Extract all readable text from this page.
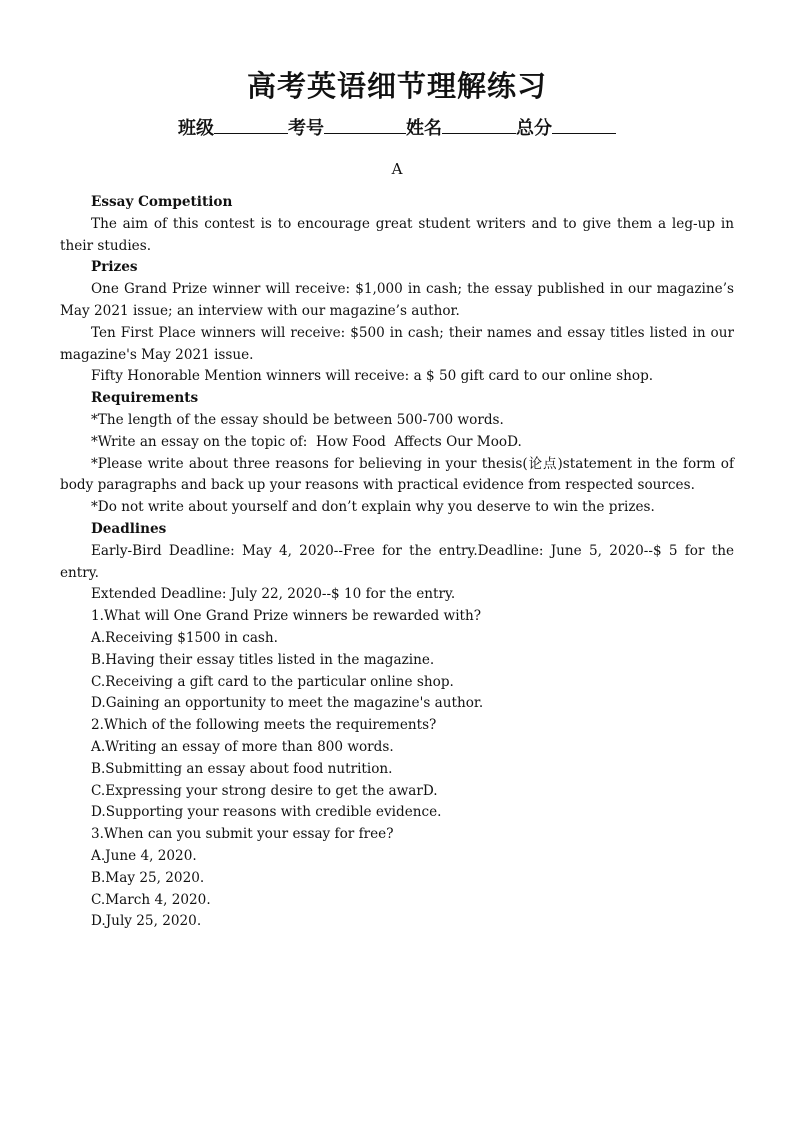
高考英语细节理解练习
班级	考号	姓名	总分
A

Essay Competition

The aim of this contest is to encourage great student writers and to give them a leg-up in their studies.

Prizes

One Grand Prize winner will receive: $1,000 in cash; the essay published in our magazine’s May 2021 issue; an interview with our magazine’s author.

Ten First Place winners will receive: $500 in cash; their names and essay titles listed in our magazine's May 2021 issue.

Fifty Honorable Mention winners will receive: a $ 50 gift card to our online shop.

Requirements

*The length of the essay should be between 500-700 words.

*Write an essay on the topic of:  How Food  Affects Our MooD.

*Please write about three reasons for believing in your thesis(论点)statement in the form of body paragraphs and back up your reasons with practical evidence from respected sources.

*Do not write about yourself and don’t explain why you deserve to win the prizes.

Deadlines

Early-Bird Deadline: May 4, 2020--Free for the entry.Deadline: June 5, 2020--$ 5 for the entry.

Extended Deadline: July 22, 2020--$ 10 for the entry.

1.What will One Grand Prize winners be rewarded with?

A.Receiving $1500 in cash.

B.Having their essay titles listed in the magazine.

C.Receiving a gift card to the particular online shop.

D.Gaining an opportunity to meet the magazine's author.

2.Which of the following meets the requirements?

A.Writing an essay of more than 800 words.

B.Submitting an essay about food nutrition.

C.Expressing your strong desire to get the awarD.

D.Supporting your reasons with credible evidence.

3.When can you submit your essay for free?

A.June 4, 2020.

B.May 25, 2020.

C.March 4, 2020.

D.July 25, 2020.
